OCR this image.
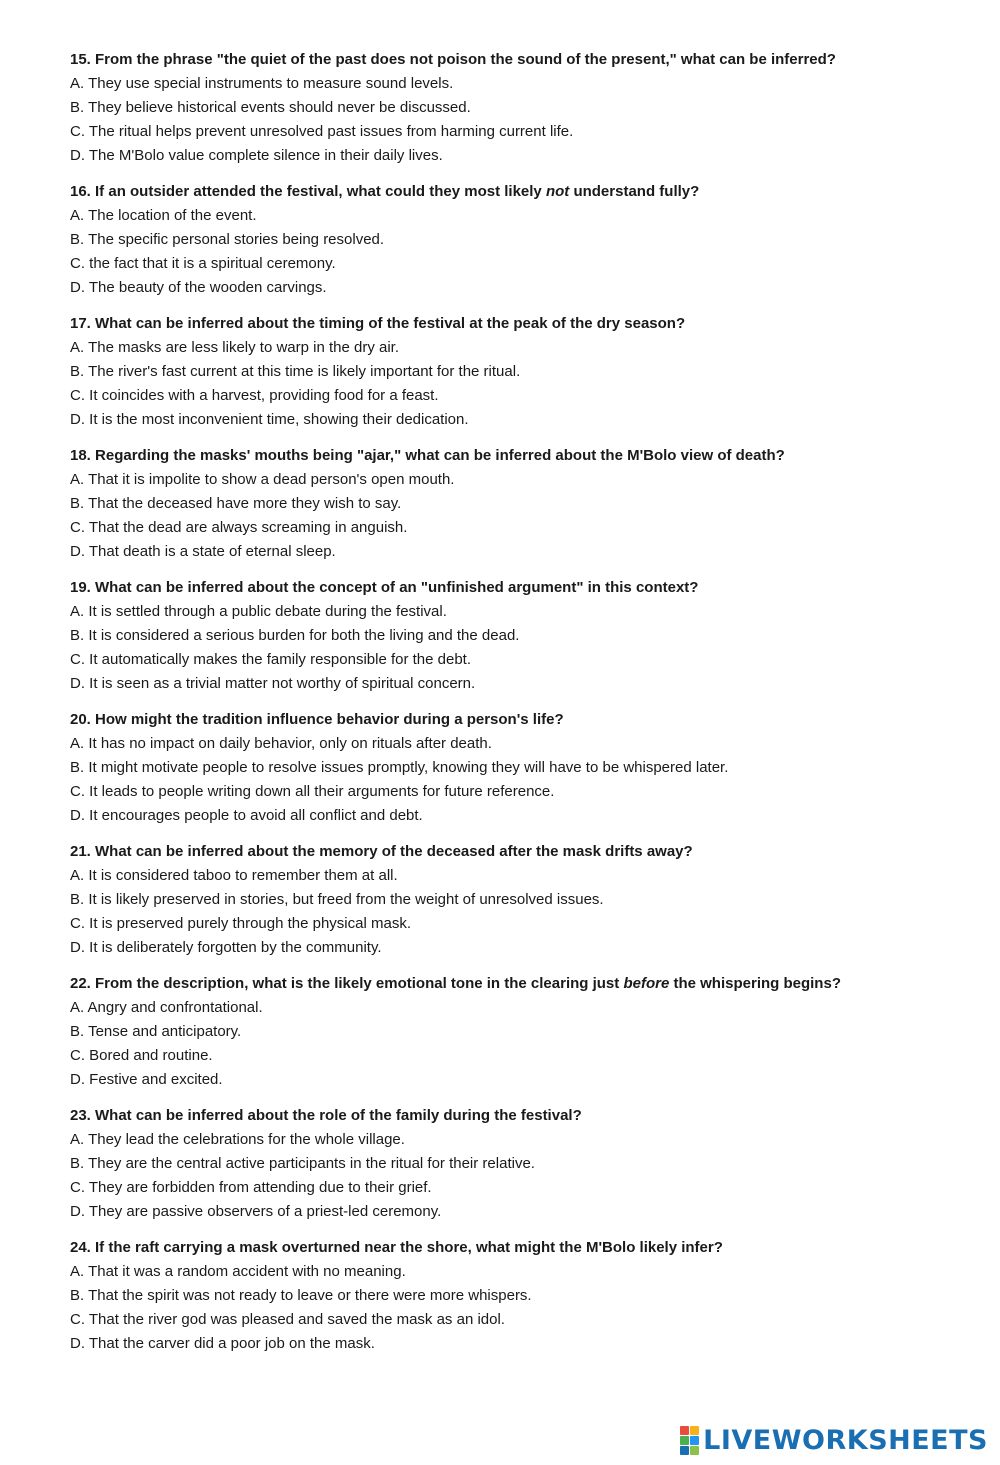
15. From the phrase "the quiet of the past does not poison the sound of the present," what can be inferred?
A. They use special instruments to measure sound levels.
B. They believe historical events should never be discussed.
C. The ritual helps prevent unresolved past issues from harming current life.
D. The M'Bolo value complete silence in their daily lives.
16. If an outsider attended the festival, what could they most likely not understand fully?
A. The location of the event.
B. The specific personal stories being resolved.
C. the fact that it is a spiritual ceremony.
D. The beauty of the wooden carvings.
17. What can be inferred about the timing of the festival at the peak of the dry season?
A. The masks are less likely to warp in the dry air.
B. The river's fast current at this time is likely important for the ritual.
C. It coincides with a harvest, providing food for a feast.
D. It is the most inconvenient time, showing their dedication.
18. Regarding the masks' mouths being "ajar," what can be inferred about the M'Bolo view of death?
A. That it is impolite to show a dead person's open mouth.
B. That the deceased have more they wish to say.
C. That the dead are always screaming in anguish.
D. That death is a state of eternal sleep.
19. What can be inferred about the concept of an "unfinished argument" in this context?
A. It is settled through a public debate during the festival.
B. It is considered a serious burden for both the living and the dead.
C. It automatically makes the family responsible for the debt.
D. It is seen as a trivial matter not worthy of spiritual concern.
20. How might the tradition influence behavior during a person's life?
A. It has no impact on daily behavior, only on rituals after death.
B. It might motivate people to resolve issues promptly, knowing they will have to be whispered later.
C. It leads to people writing down all their arguments for future reference.
D. It encourages people to avoid all conflict and debt.
21. What can be inferred about the memory of the deceased after the mask drifts away?
A. It is considered taboo to remember them at all.
B. It is likely preserved in stories, but freed from the weight of unresolved issues.
C. It is preserved purely through the physical mask.
D. It is deliberately forgotten by the community.
22. From the description, what is the likely emotional tone in the clearing just before the whispering begins?
A. Angry and confrontational.
B. Tense and anticipatory.
C. Bored and routine.
D. Festive and excited.
23. What can be inferred about the role of the family during the festival?
A. They lead the celebrations for the whole village.
B. They are the central active participants in the ritual for their relative.
C. They are forbidden from attending due to their grief.
D. They are passive observers of a priest-led ceremony.
24. If the raft carrying a mask overturned near the shore, what might the M'Bolo likely infer?
A. That it was a random accident with no meaning.
B. That the spirit was not ready to leave or there were more whispers.
C. That the river god was pleased and saved the mask as an idol.
D. That the carver did a poor job on the mask.
LIVEWORKSHEETS
